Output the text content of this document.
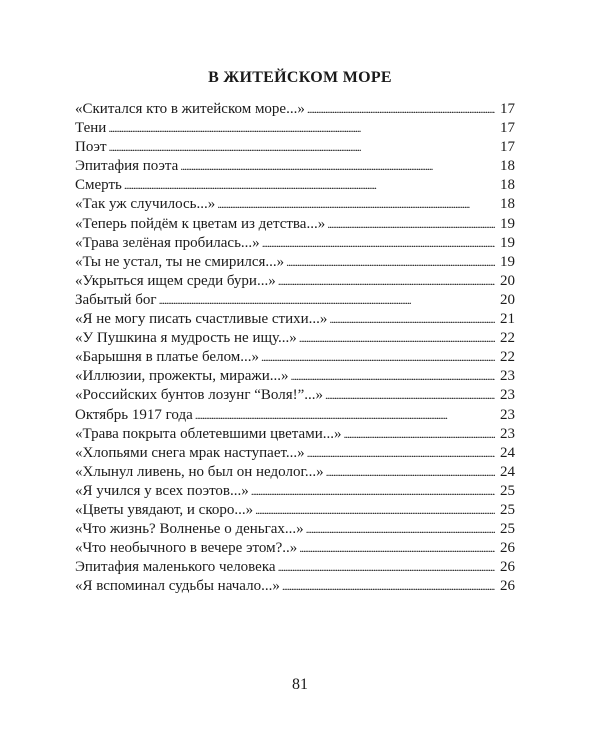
В ЖИТЕЙСКОМ МОРЕ
«Скитался кто в житейском море...» . . .	17
Тени . . .	17
Поэт . . .	17
Эпитафия поэта . . .	18
Смерть . . .	18
«Так уж случилось...» . . .	18
«Теперь пойдём к цветам из детства...» . . .	19
«Трава зелёная пробилась...» . . .	19
«Ты не устал, ты не смирился...» . . .	19
«Укрыться ищем среди бури...» . . .	20
Забытый бог . . .	20
«Я не могу писать счастливые стихи...» . . .	21
«У Пушкина я мудрость не ищу...» . . .	22
«Барышня в платье белом...» . . .	22
«Иллюзии, прожекты, миражи...» . . .	23
«Российских бунтов лозунг “Воля!”...» . . .	23
Октябрь 1917 года . . .	23
«Трава покрыта облетевшими цветами...» . . .	23
«Хлопьями снега мрак наступает...» . . .	24
«Хлынул ливень, но был он недолог...» . . .	24
«Я учился у всех поэтов...» . . .	25
«Цветы увядают, и скоро...» . . .	25
«Что жизнь? Волненье о деньгах...» . . .	25
«Что необычного в вечере этом?..» . . .	26
Эпитафия маленького человека . . .	26
«Я вспоминал судьбы начало...» . . .	26
81
